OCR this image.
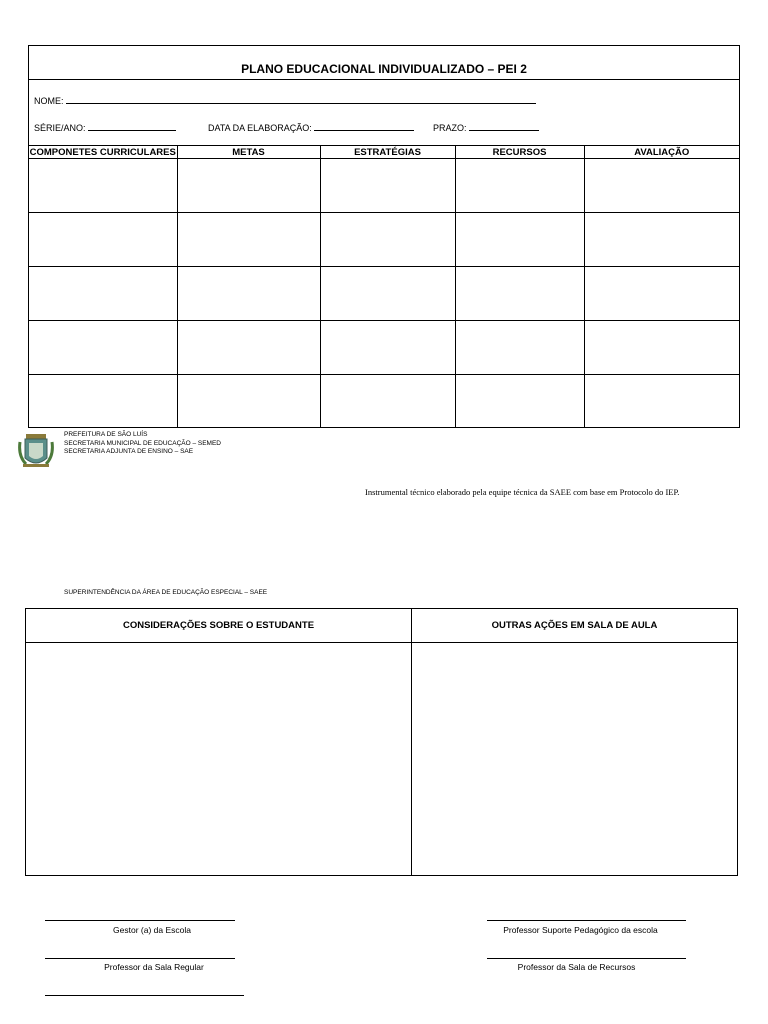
PLANO EDUCACIONAL INDIVIDUALIZADO – PEI 2
NOME:
SÉRIE/ANO:	DATA DA ELABORAÇÃO:	PRAZO:
COMPONETES CURRICULARES	METAS	ESTRATÉGIAS	RECURSOS	AVALIAÇÃO

PREFEITURA DE SÃO LUÍS
SECRETARIA MUNICIPAL DE EDUCAÇÃO – SEMED
SECRETARIA ADJUNTA DE ENSINO – SAE
Instrumental técnico elaborado pela equipe técnica da SAEE com base em Protocolo do IEP.
SUPERINTENDÊNCIA DA ÁREA DE EDUCAÇÃO ESPECIAL – SAEE
CONSIDERAÇÕES SOBRE O ESTUDANTE	OUTRAS AÇÕES EM SALA DE AULA
Gestor (a) da Escola	Professor Suporte Pedagógico da escola
Professor da Sala Regular	Professor da Sala de Recursos
